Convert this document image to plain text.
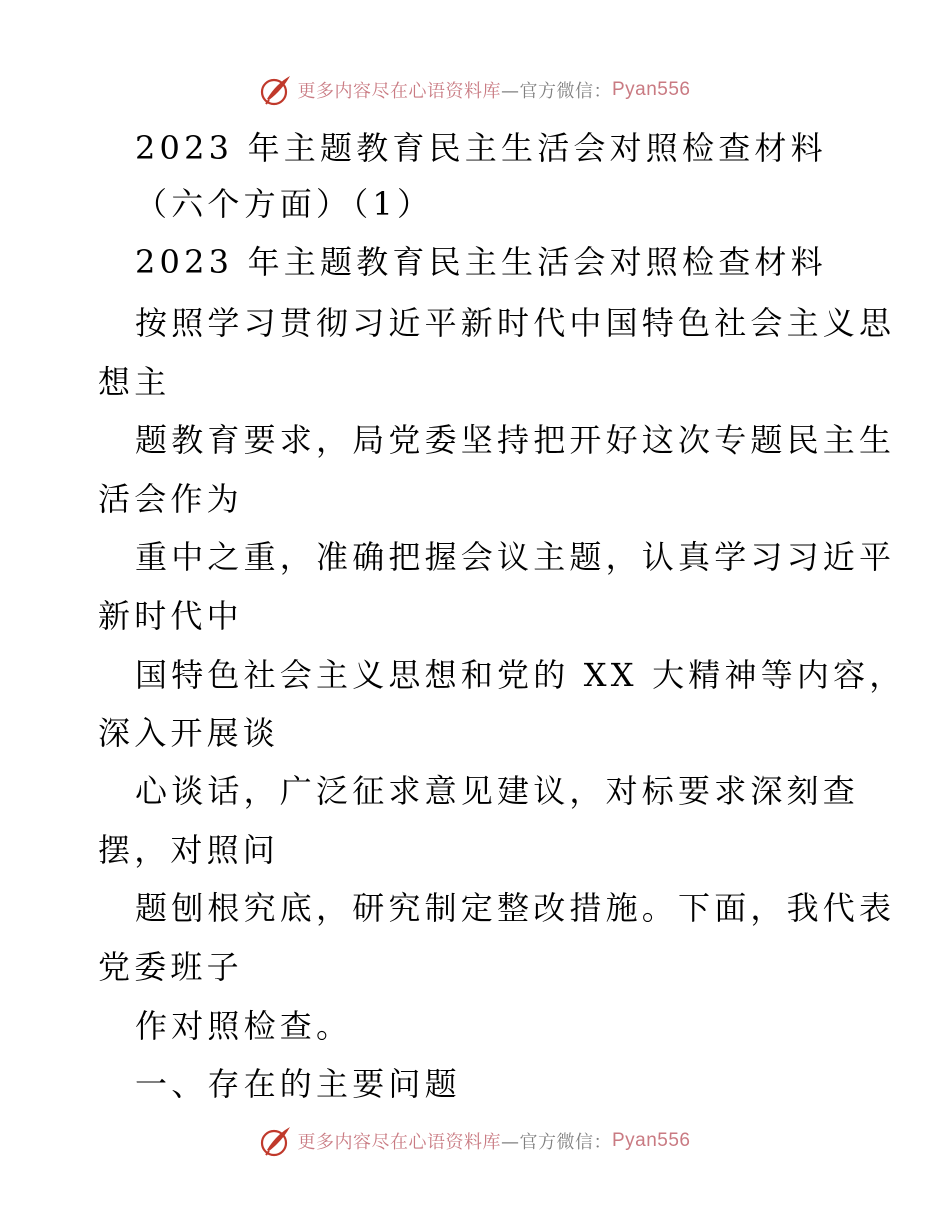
更多内容尽在心语资料库 —官方微信： Pyan556
2023 年主题教育民主生活会对照检查材料
（六个方面）（1）
2023 年主题教育民主生活会对照检查材料
按照学习贯彻习近平新时代中国特色社会主义思
想主
题教育要求，局党委坚持把开好这次专题民主生
活会作为
重中之重，准确把握会议主题，认真学习习近平
新时代中
国特色社会主义思想和党的 XX 大精神等内容，
深入开展谈
心谈话，广泛征求意见建议，对标要求深刻查
摆，对照问
题刨根究底，研究制定整改措施。下面，我代表
党委班子
作对照检查。
一、存在的主要问题
更多内容尽在心语资料库 —官方微信： Pyan556
